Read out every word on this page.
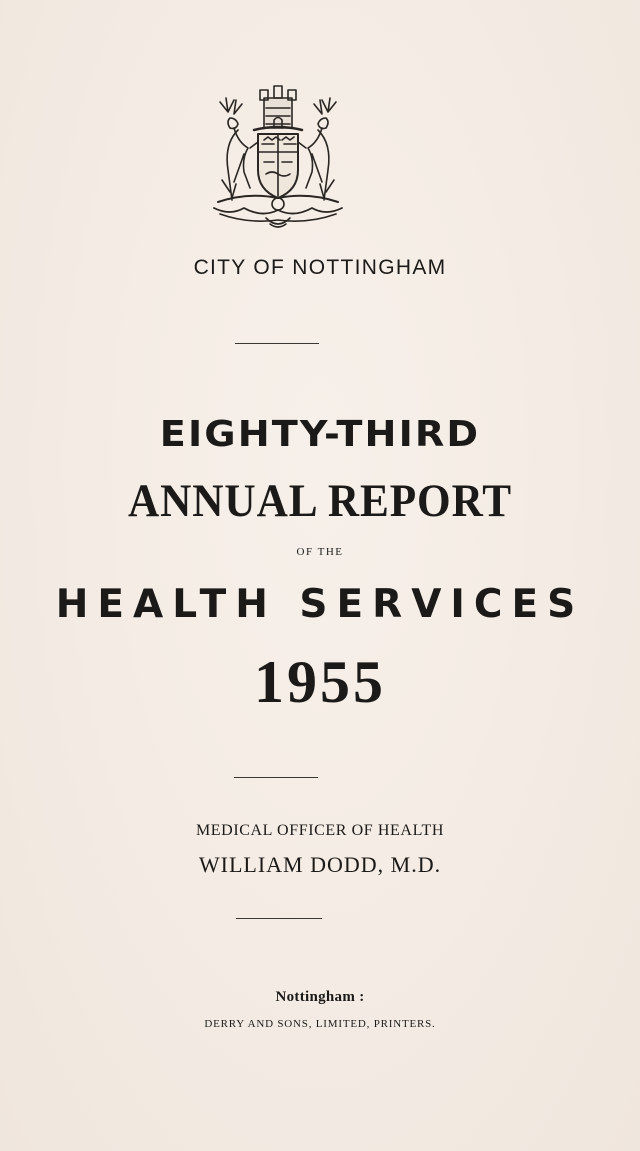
CITY OF NOTTINGHAM
EIGHTY-THIRD
ANNUAL REPORT
OF THE
HEALTH SERVICES
1955
MEDICAL OFFICER OF HEALTH
WILLIAM DODD, M.D.
Nottingham :
DERRY AND SONS, LIMITED, PRINTERS.
